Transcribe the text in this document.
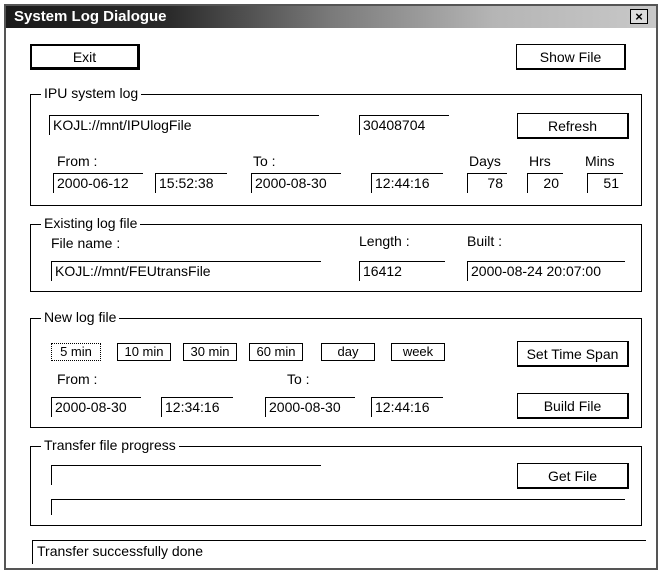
System Log Dialogue	×
Exit	Show File
IPU system log
KOJL://mnt/IPUlogFile	30408704	Refresh
From :	To :	Days Hrs Mins
2000-06-12	15:52:38	2000-08-30	12:44:16	78	20	51
Existing log file
File name :	Length :	Built :
KOJL://mnt/FEUtransFile	16412	2000-08-24 20:07:00
New log file
5 min	10 min	30 min	60 min	day	week	Set Time Span
From :	To :
2000-08-30	12:34:16	2000-08-30	12:44:16	Build File
Transfer file progress
Get File
Transfer successfully done
